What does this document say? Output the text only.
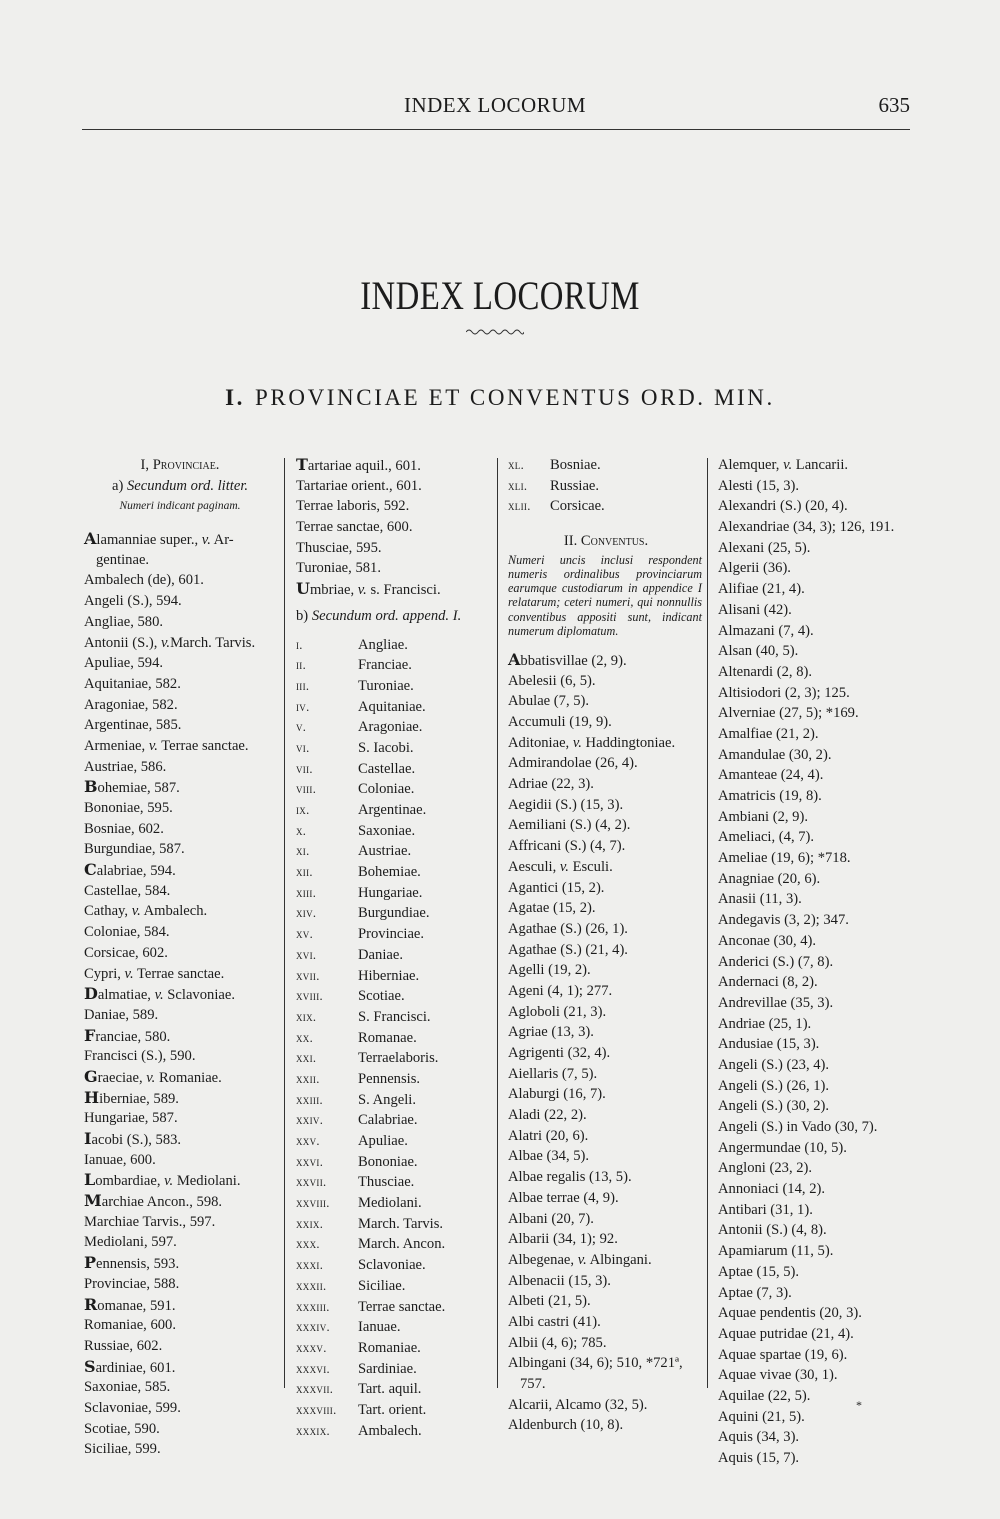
INDEX LOCORUM	635
INDEX LOCORUM
I. PROVINCIAE ET CONVENTUS ORD. MIN.
I, Provinciae.
a) Secundum ord. litter.
Numeri indicant paginam.
Alamanniae super., v. Ar-
gentinae.
Ambalech (de), 601.
Angeli (S.), 594.
Angliae, 580.
Antonii (S.), v.March. Tarvis.
Apuliae, 594.
Aquitaniae, 582.
Aragoniae, 582.
Argentinae, 585.
Armeniae, v. Terrae sanctae.
Austriae, 586.
Bohemiae, 587.
Bononiae, 595.
Bosniae, 602.
Burgundiae, 587.
Calabriae, 594.
Castellae, 584.
Cathay, v. Ambalech.
Coloniae, 584.
Corsicae, 602.
Cypri, v. Terrae sanctae.
Dalmatiae, v. Sclavoniae.
Daniae, 589.
Franciae, 580.
Francisci (S.), 590.
Graeciae, v. Romaniae.
Hiberniae, 589.
Hungariae, 587.
Iacobi (S.), 583.
Ianuae, 600.
Lombardiae, v. Mediolani.
Marchiae Ancon., 598.
Marchiae Tarvis., 597.
Mediolani, 597.
Pennensis, 593.
Provinciae, 588.
Romanae, 591.
Romaniae, 600.
Russiae, 602.
Sardiniae, 601.
Saxoniae, 585.
Sclavoniae, 599.
Scotiae, 590.
Siciliae, 599.
Tartariae aquil., 601.
Tartariae orient., 601.
Terrae laboris, 592.
Terrae sanctae, 600.
Thusciae, 595.
Turoniae, 581.
Umbriae, v. s. Francisci.
b) Secundum ord. append. I.
i.	Angliae.
ii.	Franciae.
iii.	Turoniae.
iv.	Aquitaniae.
v.	Aragoniae.
vi.	S. Iacobi.
vii.	Castellae.
viii.	Coloniae.
ix.	Argentinae.
x.	Saxoniae.
xi.	Austriae.
xii.	Bohemiae.
xiii.	Hungariae.
xiv.	Burgundiae.
xv.	Provinciae.
xvi.	Daniae.
xvii.	Hiberniae.
xviii.	Scotiae.
xix.	S. Francisci.
xx.	Romanae.
xxi.	Terraelaboris.
xxii.	Pennensis.
xxiii.	S. Angeli.
xxiv.	Calabriae.
xxv.	Apuliae.
xxvi.	Bononiae.
xxvii.	Thusciae.
xxviii.	Mediolani.
xxix.	March. Tarvis.
xxx.	March. Ancon.
xxxi.	Sclavoniae.
xxxii.	Siciliae.
xxxiii.	Terrae sanctae.
xxxiv.	Ianuae.
xxxv.	Romaniae.
xxxvi.	Sardiniae.
xxxvii.	Tart. aquil.
xxxviii.	Tart. orient.
xxxix.	Ambalech.
xl.	Bosniae.
xli.	Russiae.
xlii.	Corsicae.
II. Conventus.
Numeri uncis inclusi respondent numeris ordinalibus provinciarum earumque custodiarum in appendice I relatarum; ceteri numeri, qui nonnullis conventibus appositi sunt, indicant numerum diplomatum.
Abbatisvillae (2, 9).
Abelesii (6, 5).
Abulae (7, 5).
Accumuli (19, 9).
Aditoniae, v. Haddingtoniae.
Admirandolae (26, 4).
Adriae (22, 3).
Aegidii (S.) (15, 3).
Aemiliani (S.) (4, 2).
Affricani (S.) (4, 7).
Aesculi, v. Esculi.
Agantici (15, 2).
Agatae (15, 2).
Agathae (S.) (26, 1).
Agathae (S.) (21, 4).
Agelli (19, 2).
Ageni (4, 1); 277.
Agloboli (21, 3).
Agriae (13, 3).
Agrigenti (32, 4).
Aiellaris (7, 5).
Alaburgi (16, 7).
Aladi (22, 2).
Alatri (20, 6).
Albae (34, 5).
Albae regalis (13, 5).
Albae terrae (4, 9).
Albani (20, 7).
Albarii (34, 1); 92.
Albegenae, v. Albingani.
Albenacii (15, 3).
Albeti (21, 5).
Albi castri (41).
Albii (4, 6); 785.
Albingani (34, 6); 510, *721ª,
757.
Alcarii, Alcamo (32, 5).
Aldenburch (10, 8).
Alemquer, v. Lancarii.
Alesti (15, 3).
Alexandri (S.) (20, 4).
Alexandriae (34, 3); 126, 191.
Alexani (25, 5).
Algerii (36).
Alifiae (21, 4).
Alisani (42).
Almazani (7, 4).
Alsan (40, 5).
Altenardi (2, 8).
Altisiodori (2, 3); 125.
Alverniae (27, 5); *169.
Amalfiae (21, 2).
Amandulae (30, 2).
Amanteae (24, 4).
Amatricis (19, 8).
Ambiani (2, 9).
Ameliaci, (4, 7).
Ameliae (19, 6); *718.
Anagniae (20, 6).
Anasii (11, 3).
Andegavis (3, 2); 347.
Anconae (30, 4).
Anderici (S.) (7, 8).
Andernaci (8, 2).
Andrevillae (35, 3).
Andriae (25, 1).
Andusiae (15, 3).
Angeli (S.) (23, 4).
Angeli (S.) (26, 1).
Angeli (S.) (30, 2).
Angeli (S.) in Vado (30, 7).
Angermundae (10, 5).
Angloni (23, 2).
Annoniaci (14, 2).
Antibari (31, 1).
Antonii (S.) (4, 8).
Apamiarum (11, 5).
Aptae (15, 5).
Aptae (7, 3).
Aquae pendentis (20, 3).
Aquae putridae (21, 4).
Aquae spartae (19, 6).
Aquae vivae (30, 1).
Aquilae (22, 5).
Aquini (21, 5).
Aquis (34, 3).
Aquis (15, 7).
*
